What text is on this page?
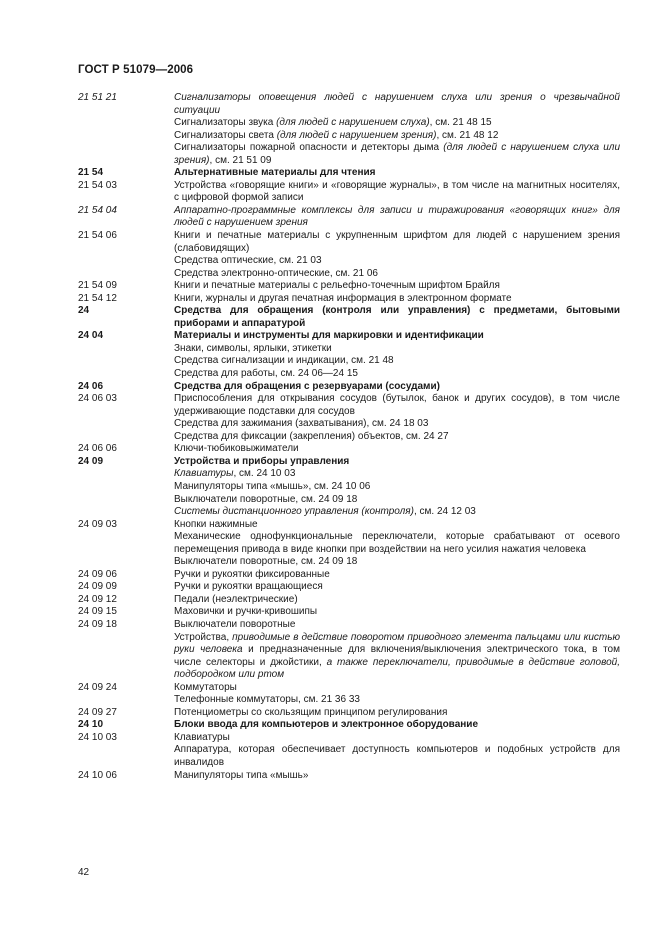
ГОСТ Р 51079—2006
21 51 21	Сигнализаторы оповещения людей с нарушением слуха или зрения о чрезвычайной ситуации
Сигнализаторы звука (для людей с нарушением слуха), см. 21 48 15
Сигнализаторы света (для людей с нарушением зрения), см. 21 48 12
Сигнализаторы пожарной опасности и детекторы дыма (для людей с нарушением слуха или зрения), см. 21 51 09
21 54	Альтернативные материалы для чтения
21 54 03	Устройства «говорящие книги» и «говорящие журналы», в том числе на магнитных носителях, с цифровой формой записи
21 54 04	Аппаратно-программные комплексы для записи и тиражирования «говорящих книг» для людей с нарушением зрения
21 54 06	Книги и печатные материалы с укрупненным шрифтом для людей с нарушением зрения (слабовидящих)
Средства оптические, см. 21 03
Средства электронно-оптические, см. 21 06
21 54 09	Книги и печатные материалы с рельефно-точечным шрифтом Брайля
21 54 12	Книги, журналы и другая печатная информация в электронном формате
24	Средства для обращения (контроля или управления) с предметами, бытовыми приборами и аппаратурой
24 04	Материалы и инструменты для маркировки и идентификации
Знаки, символы, ярлыки, этикетки
Средства сигнализации и индикации, см. 21 48
Средства для работы, см. 24 06—24 15
24 06	Средства для обращения с резервуарами (сосудами)
24 06 03	Приспособления для открывания сосудов (бутылок, банок и других сосудов), в том числе удерживающие подставки для сосудов
Средства для зажимания (захватывания), см. 24 18 03
Средства для фиксации (закрепления) объектов, см. 24 27
24 06 06	Ключи-тюбиковыжиматели
24 09	Устройства и приборы управления
Клавиатуры, см. 24 10 03
Манипуляторы типа «мышь», см. 24 10 06
Выключатели поворотные, см. 24 09 18
Системы дистанционного управления (контроля), см. 24 12 03
24 09 03	Кнопки нажимные
Механические однофункциональные переключатели, которые срабатывают от осевого перемещения привода в виде кнопки при воздействии на него усилия нажатия человека
Выключатели поворотные, см. 24 09 18
24 09 06	Ручки и рукоятки фиксированные
24 09 09	Ручки и рукоятки вращающиеся
24 09 12	Педали (неэлектрические)
24 09 15	Маховички и ручки-кривошипы
24 09 18	Выключатели поворотные
Устройства, приводимые в действие поворотом приводного элемента пальцами или кистью руки человека и предназначенные для включения/выключения электрического тока, в том числе селекторы и джойстики, а также переключатели, приводимые в действие головой, подбородком или ртом
24 09 24	Коммутаторы
Телефонные коммутаторы, см. 21 36 33
24 09 27	Потенциометры со скользящим принципом регулирования
24 10	Блоки ввода для компьютеров и электронное оборудование
24 10 03	Клавиатуры
Аппаратура, которая обеспечивает доступность компьютеров и подобных устройств для инвалидов
24 10 06	Манипуляторы типа «мышь»
42
